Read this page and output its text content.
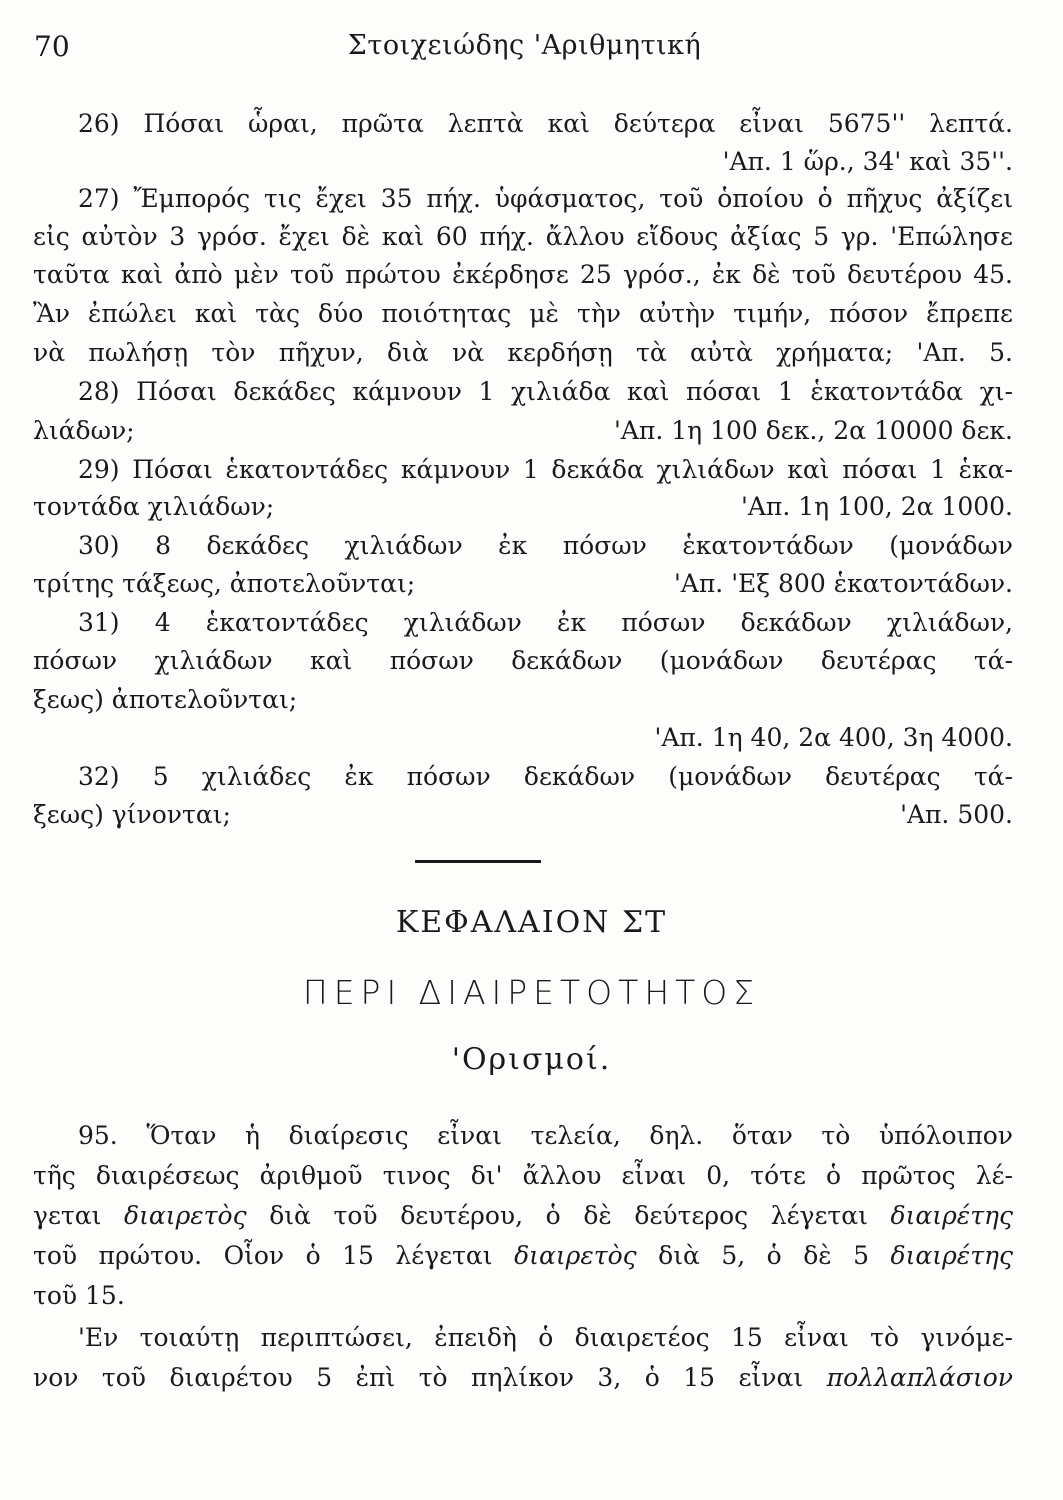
70	Στοιχειώδης 'Αριθμητική
26) Πόσαι ὧραι, πρῶτα λεπτὰ καὶ δεύτερα εἶναι 5675'' λεπτά.
'Απ. 1 ὥρ., 34' καὶ 35''.
27) Ἔμπορός τις ἔχει 35 πήχ. ὑφάσματος, τοῦ ὁποίου ὁ πῆχυς ἀξίζει
εἰς αὐτὸν 3 γρόσ. ἔχει δὲ καὶ 60 πήχ. ἄλλου εἴδους ἀξίας 5 γρ. 'Επώλησε
ταῦτα καὶ ἀπὸ μὲν τοῦ πρώτου ἐκέρδησε 25 γρόσ., ἐκ δὲ τοῦ δευτέρου 45.
Ἂν ἐπώλει καὶ τὰς δύο ποιότητας μὲ τὴν αὐτὴν τιμήν, πόσον ἔπρεπε
νὰ πωλήσῃ τὸν πῆχυν, διὰ νὰ κερδήσῃ τὰ αὐτὰ χρήματα; 'Απ. 5.
28) Πόσαι δεκάδες κάμνουν 1 χιλιάδα καὶ πόσαι 1 ἑκατοντάδα χι-
λιάδων;	'Απ. 1η 100 δεκ., 2α 10000 δεκ.
29) Πόσαι ἑκατοντάδες κάμνουν 1 δεκάδα χιλιάδων καὶ πόσαι 1 ἑκα-
τοντάδα χιλιάδων;	'Απ. 1η 100, 2α 1000.
30) 8 δεκάδες χιλιάδων ἐκ πόσων ἑκατοντάδων (μονάδων
τρίτης τάξεως, ἀποτελοῦνται;	'Απ. 'Εξ 800 ἑκατοντάδων.
31) 4 ἑκατοντάδες χιλιάδων ἐκ πόσων δεκάδων χιλιάδων,
πόσων χιλιάδων καὶ πόσων δεκάδων (μονάδων δευτέρας τά-
ξεως) ἀποτελοῦνται;
'Απ. 1η 40, 2α 400, 3η 4000.
32) 5 χιλιάδες ἐκ πόσων δεκάδων (μονάδων δευτέρας τά-
ξεως) γίνονται;	'Απ. 500.
ΚΕΦΑΛΑΙΟΝ ΣΤ
ΠΕΡΙ ΔΙΑΙΡΕΤΟΤΗΤΟΣ
'Ορισμοί.
95. Ὅταν ἡ διαίρεσις εἶναι τελεία, δηλ. ὅταν τὸ ὑπόλοιπον
τῆς διαιρέσεως ἀριθμοῦ τινος δι' ἄλλου εἶναι 0, τότε ὁ πρῶτος λέ-
γεται διαιρετὸς διὰ τοῦ δευτέρου, ὁ δὲ δεύτερος λέγεται διαιρέτης
τοῦ πρώτου. Οἷον ὁ 15 λέγεται διαιρετὸς διὰ 5, ὁ δὲ 5 διαιρέτης
τοῦ 15.
'Εν τοιαύτῃ περιπτώσει, ἐπειδὴ ὁ διαιρετέος 15 εἶναι τὸ γινόμε-
νον τοῦ διαιρέτου 5 ἐπὶ τὸ πηλίκον 3, ὁ 15 εἶναι πολλαπλάσιον
